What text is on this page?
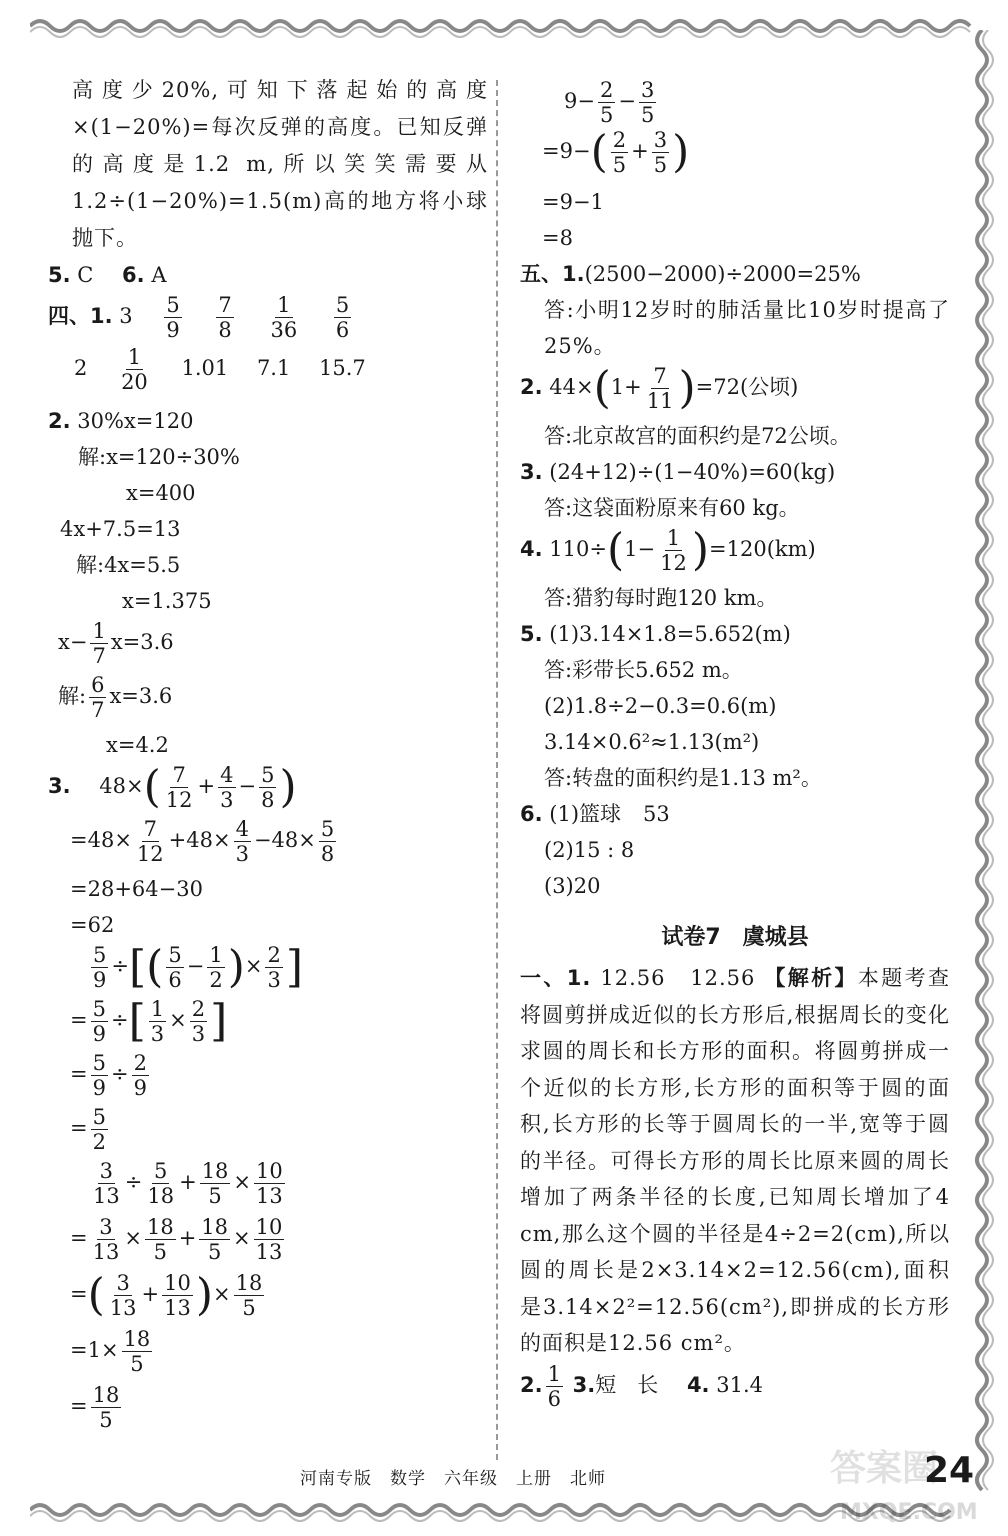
高度少20%,可知下落起始的高度×(1−20%)=每次反弹的高度。已知反弹的高度是1.2 m,所以笑笑需要从1.2÷(1−20%)=1.5(m)高的地方将小球抛下。
5. C 6. A
四、1. $3 \frac{5}{9}$
$\frac{7}{8}$
$\frac{1}{36}$
$\frac{5}{6}$
$2 \frac{1}{20} 1.01$ 7.1 15.7
2. 30%x=120
解:x=120÷30%
x=400
4x+7.5=13
解:4x=5.5
x=1.375
$x- \frac{1}{7} x=3.6$
解: $\frac{6}{7} x=3.6$
x=4.2
3. $48\times( \frac{7}{12} + \frac{4}{3} - \frac{5}{8}$ )
$=48\times \frac{7}{12} +48\times \frac{4}{3} -48\times \frac{5}{8}$
=28+64−30
=62
$\frac{5}{9}$ ÷[( $\frac{5}{6} - \frac{1}{2}$ )× $\frac{2}{3}$ ]
= $\frac{5}{9}$ ÷[ $\frac{1}{3} \times \frac{2}{3}$ ]
= $\frac{5}{9} \div \frac{2}{9}$
= $\frac{5}{2}$
$\frac{3}{13} \div \frac{5}{18} + \frac{18}{5} \times \frac{10}{13}$
= $\frac{3}{13} \times \frac{18}{5} + \frac{18}{5} \times \frac{10}{13}$
=( $\frac{3}{13} + \frac{10}{13}$ )× $\frac{18}{5}$
$=1\times \frac{18}{5}$
= $\frac{18}{5}$
$9- \frac{2}{5} - \frac{3}{5}$
$=9-( \frac{2}{5} + \frac{3}{5}$ )
=9−1
=8
五、1.(2500−2000)÷2000=25%
答:小明12岁时的肺活量比10岁时提高了25%。
2. $44\times(1+ \frac{7}{11} )=72$(公顷)
答:北京故宫的面积约是72公顷。
3. (24+12)÷(1−40%)=60(kg)
答:这袋面粉原来有60 kg。
4. $110\div(1- \frac{1}{12} )=120(km)$
答:猎豹每时跑120 km。
5. (1)3.14×1.8=5.652(m)
答:彩带长5.652 m。
(2)1.8÷2−0.3=0.6(m)
3.14×0.6²≈1.13(m²)
答:转盘的面积约是1.13 m²。
6. (1)篮球 53
(2)15 : 8
(3)20
试卷7　虞城县
一、1. 12.56　12.56 【解析】本题考查将圆剪拼成近似的长方形后,根据周长的变化求圆的周长和长方形的面积。将圆剪拼成一个近似的长方形,长方形的面积等于圆的面积,长方形的长等于圆周长的一半,宽等于圆的半径。可得长方形的周长比原来圆的周长增加了两条半径的长度,已知周长增加了4 cm,那么这个圆的半径是4÷2=2(cm),所以圆的周长是2×3.14×2=12.56(cm),面积是3.14×2²=12.56(cm²),即拼成的长方形的面积是12.56 cm²。
2. $\frac{1}{6} 3$.短　长 4. 31.4
河南专版　数学　六年级　上册　北师	答案圈
MXQE.COM
24
